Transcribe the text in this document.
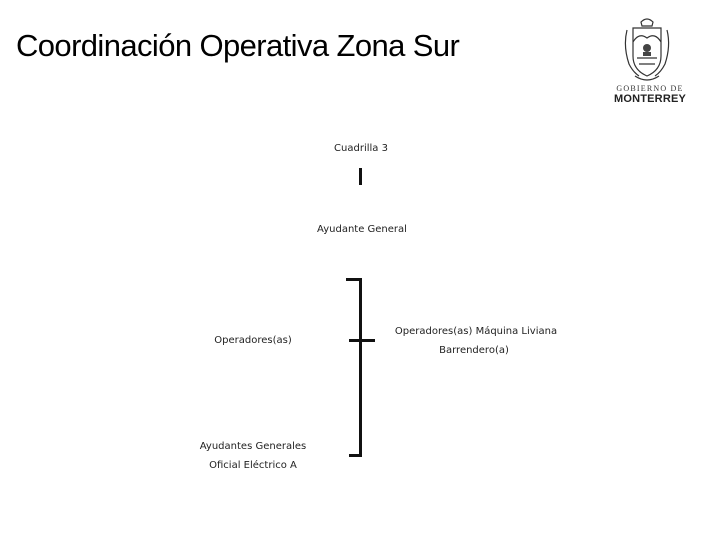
Coordinación Operativa Zona Sur
GOBIERNO DE
MONTERREY
Cuadrilla 3
Ayudante General
Operadores(as)
Operadores(as) Máquina Liviana
Barrendero(a)
Ayudantes Generales
Oficial Eléctrico A
